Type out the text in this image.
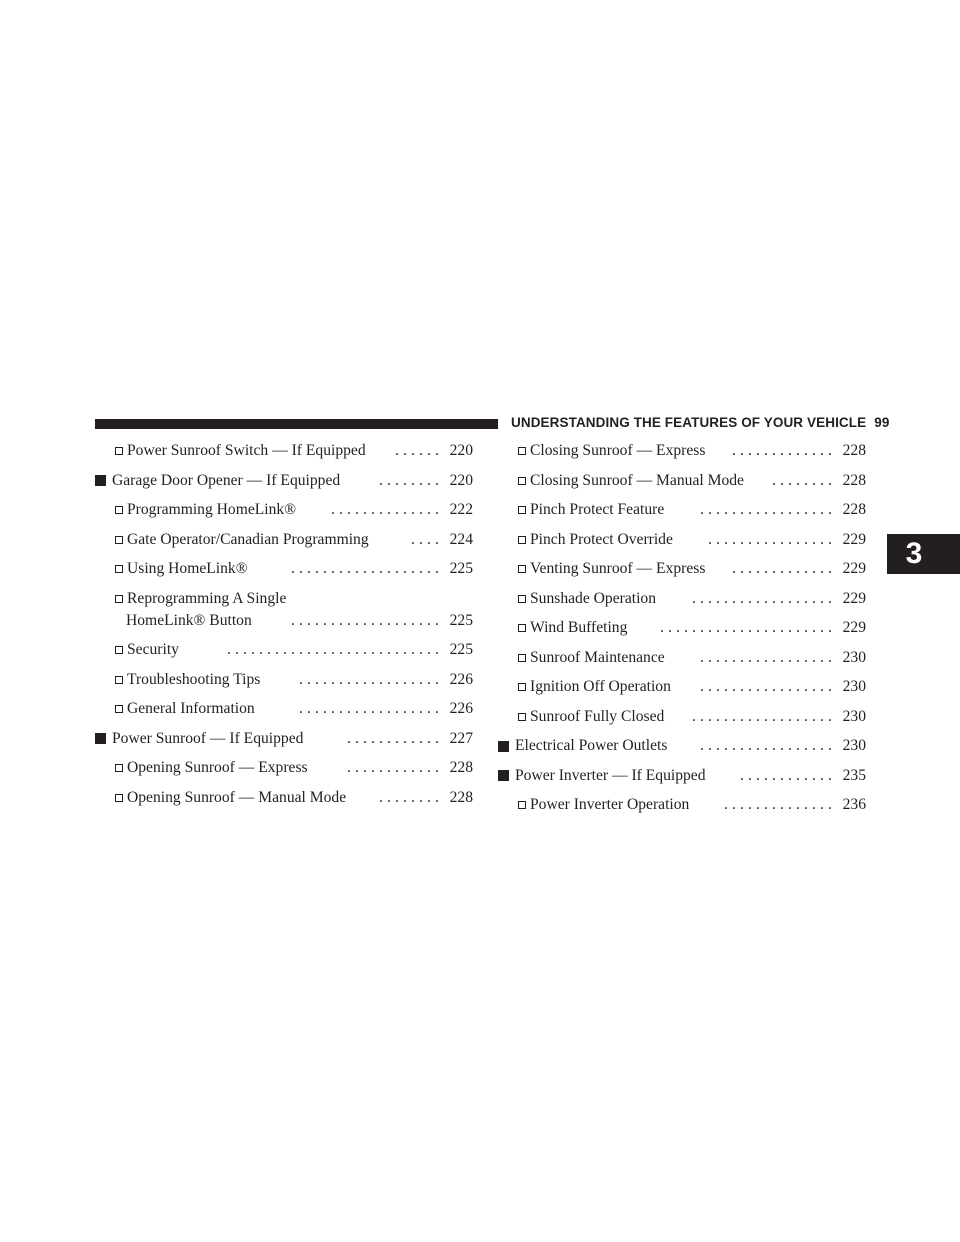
UNDERSTANDING THE FEATURES OF YOUR VEHICLE 99
3
Power Sunroof Switch — If Equipped	...... 220
Garage Door Opener — If Equipped	........ 220
Programming HomeLink®	.............. 222
Gate Operator/Canadian Programming	.... 224
Using HomeLink®	................... 225
Reprogramming A Single
HomeLink® Button	................... 225
Security	........................... 225
Troubleshooting Tips	.................. 226
General Information	.................. 226
Power Sunroof — If Equipped	............ 227
Opening Sunroof — Express	............ 228
Opening Sunroof — Manual Mode	........ 228
Closing Sunroof — Express	............. 228
Closing Sunroof — Manual Mode	........ 228
Pinch Protect Feature	................. 228
Pinch Protect Override	................ 229
Venting Sunroof — Express	............. 229
Sunshade Operation	.................. 229
Wind Buffeting	...................... 229
Sunroof Maintenance	................. 230
Ignition Off Operation	................. 230
Sunroof Fully Closed	.................. 230
Electrical Power Outlets	................. 230
Power Inverter — If Equipped	............ 235
Power Inverter Operation	.............. 236
